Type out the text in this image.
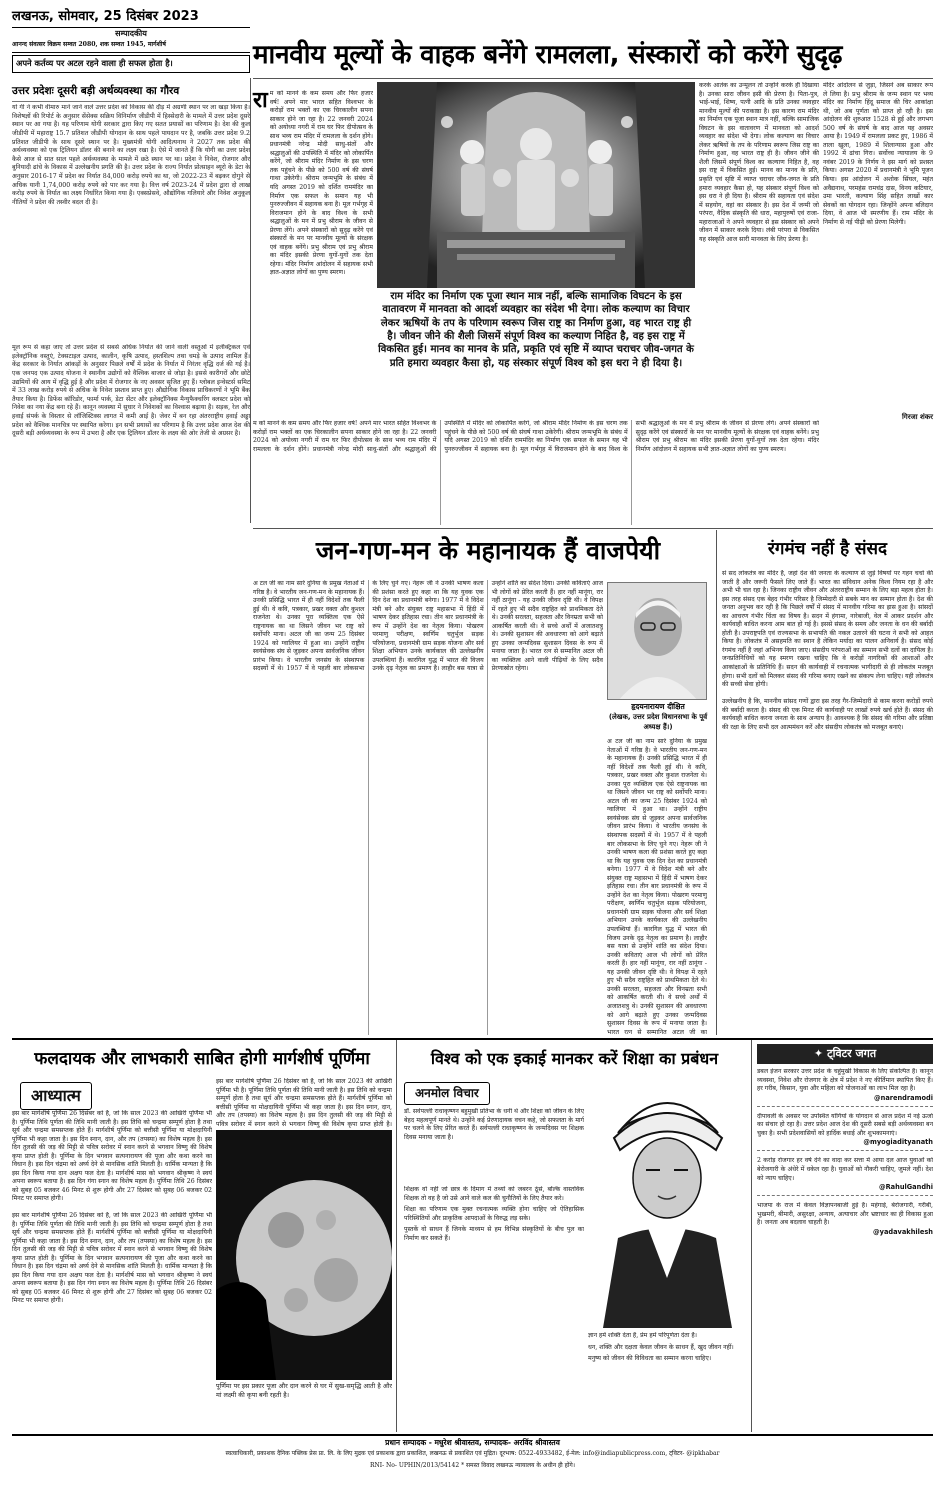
लखनऊ, सोमवार, 25 दिसंबर 2023
सम्पादकीय
आनन्द संवत्सर विक्रम सम्वत 2080, शक सम्वत 1945, मार्गशीर्ष
अपने कर्तव्य पर अटल रहने वाला ही सफल होता है।
उत्तर प्रदेशः दूसरी बड़ी अर्थव्यवस्था का गौरव
यो गी ने कभी वीमारु माने जाने वाले उत्तर प्रदेश को विकास की दौड़ में अग्रणी स्थान पर ला खड़ा किया है। विशेषज्ञों की रिपोर्ट के अनुसार सेंसेक्स सक्रिय विनिर्माण जीडीपी में हिस्सेदारी के मामले में उत्तर प्रदेश दूसरे स्थान पर आ गया है। यह परिणाम योगी सरकार द्वारा किए गए सतत प्रयासों का परिणाम है। देश की कुल जीडीपी में महाराष्ट्र 15.7 प्रतिशत जीडीपी योगदान के साथ पहले पायदान पर है, जबकि उत्तर प्रदेश 9.2 प्रतिशत जीडीपी के साथ दूसरे स्थान पर है। मुख्यमंत्री योगी आदित्यनाथ ने 2027 तक प्रदेश की अर्थव्यवस्था को एक ट्रिलियन डॉलर की बनाने का लक्ष्य रखा है। ऐसे में जानते हैं कि योगी का उत्तर प्रदेश कैसे आज से सात साल पहले अर्थव्यवस्था के मामले में छठे स्थान पर था। प्रदेश ने निवेश, रोजगार और बुनियादी ढांचे के विकास में उल्लेखनीय प्रगति की है। उत्तर प्रदेश के राज्य निर्यात प्रोत्साहन ब्यूरो के डेटा के अनुसार 2016-17 में प्रदेश का निर्यात 84,000 करोड़ रुपये का था, जो 2022-23 में बढ़कर दोगुने से अधिक यानी 1,74,000 करोड़ रुपये को पार कर गया है। वित्त वर्ष 2023-24 में प्रदेश द्वारा दो लाख करोड़ रुपये के निर्यात का लक्ष्य निर्धारित किया गया है। एक्सप्रेसवे, औद्योगिक गलियारे और निवेश अनुकूल नीतियों ने प्रदेश की तस्वीर बदल दी है।
मानवीय मूल्यों के वाहक बनेंगे रामलला, संस्कारों को करेंगे सुदृढ़
रा म को मानने के कम समय और फिर हजार वर्ष! अपने मार भारत सहित विश्वभर के करोड़ों राम भक्तों का एक चिरकालीन सपना साकार होने जा रहा है। 22 जनवरी 2024 को अयोध्या नगरी में राम घर फिर दीपोत्सव के साथ भव्य राम मंदिर में रामलला के दर्शन होंगे। प्रधानमंत्री नरेन्द्र मोदी साधु-संतों और श्रद्धालुओं की उपस्थिति में मंदिर को लोकार्पित करेंगे, जो श्रीराम मंदिर निर्माण के इस चरण तक पहुंचने के पीछे को 500 वर्ष की संघर्ष गाथा उकेरेगी। श्रीराम जन्मभूमि के संबंध में यदि अगस्त 2019 को दर्शित राममंदिर का निर्माण एक सफल के समान यह भी पुनरुज्जीवन में सहायक बना है। मूल गर्भगृह में विराजमान होने के बाद विश्व के सभी श्रद्धालुओं के मन में प्रभु श्रीराम के जीवन से प्रेरणा लेंगे। अपने संस्कारों को सुदृढ़ करेंगे एवं संस्कारों के मन पर मानवीय मूल्यों के संरक्षक एवं वाहक बनेंगे। प्रभु श्रीराम एवं प्रभु श्रीराम का मंदिर इसकी प्रेरणा युगों-युगों तक देता रहेगा। मंदिर निर्माण आंदोलन में सहायक सभी ज्ञात-अज्ञात लोगों का पुण्य स्मरण।
राम मंदिर का निर्माण एक पूजा स्थान मात्र नहीं, बल्कि सामाजिक विघटन के इस वातावरण में मानवता को आदर्श व्यवहार का संदेश भी देगा। लोक कल्याण का विचार लेकर ऋषियों के तप के परिणाम स्वरूप जिस राष्ट्र का निर्माण हुआ, वह भारत राष्ट्र ही है। जीवन जीने की शैली जिसमें संपूर्ण विश्व का कल्याण निहित है, वह इस राष्ट्र में विकसित हुई। मानव का मानव के प्रति, प्रकृति एवं सृष्टि में व्याप्त चराचर जीव-जगत के प्रति हमारा व्यवहार कैसा हो, यह संस्कार संपूर्ण विश्व को इस धरा ने ही दिया है।
करके आतंक का उन्मूलन तो उन्होंने करके ही दिखाया है। उनका सारा जीवन इसी की प्रेरणा है। पिता-पुत्र, भाई-भाई, शिष्य, पत्नी आदि के प्रति उनका व्यवहार मानवीय मूल्यों की पराकाष्ठा है। इस कारण राम मंदिर का निर्माण एक पूजा स्थान मात्र नहीं, बल्कि सामाजिक विघटन के इस वातावरण में मानवता को आदर्श व्यवहार का संदेश भी देगा। लोक कल्याण का विचार लेकर ऋषियों के तप के परिणाम स्वरूप जिस राष्ट्र का निर्माण हुआ, वह भारत राष्ट्र ही है। जीवन जीने की शैली जिसमें संपूर्ण विश्व का कल्याण निहित है, वह इस राष्ट्र में विकसित हुई। मानव का मानव के प्रति, प्रकृति एवं सृष्टि में व्याप्त चराचर जीव-जगत के प्रति हमारा व्यवहार कैसा हो, यह संस्कार संपूर्ण विश्व को इस धरा ने ही दिया है। श्रीराम की सहायता एवं संदेश में सहयोग, वहां का संस्कार है। इस देश में जन्मी जो परंपरा, वैदिक संस्कृति की धारा, महापुरुषों एवं राजा-महाराजाओं ने अपने व्यवहार से इस संस्कार को अपने जीवन में साकार करके दिया। लंबी परंपरा से विकसित यह संस्कृति आज सारी मानवता के लिए प्रेरणा है।
मंदिर आंदोलन से जुड़ा, जिसने अब साकार रूप ले लिया है। प्रभु श्रीराम के जन्म स्थान पर भव्य मंदिर का निर्माण हिंदू समाज की चिर आकांक्षा थी, जो अब पूर्णता को प्राप्त हो रही है। इस आंदोलन की शुरुआत 1528 से हुई और लगभग 500 वर्ष के संघर्ष के बाद आज यह अवसर आया है। 1949 में रामलला प्रकट हुए, 1986 में ताला खुला, 1989 में शिलान्यास हुआ और 1992 में ढांचा गिरा। सर्वोच्च न्यायालय के 9 नवंबर 2019 के निर्णय ने इस मार्ग को प्रशस्त किया। अगस्त 2020 में प्रधानमंत्री ने भूमि पूजन किया। इस आंदोलन में अशोक सिंघल, महंत अवैद्यनाथ, परमहंस रामचंद्र दास, विनय कटियार, उमा भारती, कल्याण सिंह सहित लाखों कार सेवकों का योगदान रहा। जिन्होंने अपना बलिदान दिया, वे आज भी स्मरणीय हैं। राम मंदिर के निर्माण से नई पीढ़ी को प्रेरणा मिलेगी।
गिरजा शंकर
म को मानने के कम समय और फिर हजार वर्ष! अपने मार भारत सहित विश्वभर के करोड़ों राम भक्तों का एक चिरकालीन सपना साकार होने जा रहा है। 22 जनवरी 2024 को अयोध्या नगरी में राम घर फिर दीपोत्सव के साथ भव्य राम मंदिर में रामलला के दर्शन होंगे। प्रधानमंत्री नरेन्द्र मोदी साधु-संतों और श्रद्धालुओं की उपस्थिति में मंदिर को लोकार्पित करेंगे, जो श्रीराम मंदिर निर्माण के इस चरण तक पहुंचने के पीछे को 500 वर्ष की संघर्ष गाथा उकेरेगी। श्रीराम जन्मभूमि के संबंध में यदि अगस्त 2019 को दर्शित राममंदिर का निर्माण एक सफल के समान यह भी पुनरुज्जीवन में सहायक बना है। मूल गर्भगृह में विराजमान होने के बाद विश्व के सभी श्रद्धालुओं के मन में प्रभु श्रीराम के जीवन से प्रेरणा लेंगे। अपने संस्कारों को सुदृढ़ करेंगे एवं संस्कारों के मन पर मानवीय मूल्यों के संरक्षक एवं वाहक बनेंगे। प्रभु श्रीराम एवं प्रभु श्रीराम का मंदिर इसकी प्रेरणा युगों-युगों तक देता रहेगा। मंदिर निर्माण आंदोलन में सहायक सभी ज्ञात-अज्ञात लोगों का पुण्य स्मरण।
मूल रूप से कहा जाए तो उत्तर प्रदेश से सबसे अधिक निर्यात की जाने वाली वस्तुओं में इलेक्ट्रिकल एवं इलेक्ट्रॉनिक वस्तुएं, टेक्सटाइल उत्पाद, कालीन, कृषि उत्पाद, हस्तशिल्प तथा चमड़े के उत्पाद शामिल हैं। केंद्र सरकार के निर्यात आंकड़ों के अनुसार पिछले वर्षों में प्रदेश के निर्यात में निरंतर वृद्धि दर्ज की गई है। एक जनपद एक उत्पाद योजना ने स्थानीय उद्योगों को वैश्विक बाजार से जोड़ा है। इससे कारीगरों और छोटे उद्यमियों की आय में वृद्धि हुई है और प्रदेश में रोजगार के नए अवसर सृजित हुए हैं। ग्लोबल इन्वेस्टर्स समिट में 33 लाख करोड़ रुपये से अधिक के निवेश प्रस्ताव प्राप्त हुए। औद्योगिक विकास प्राधिकरणों ने भूमि बैंक तैयार किया है। डिफेंस कॉरिडोर, फार्मा पार्क, डेटा सेंटर और इलेक्ट्रॉनिक्स मैन्युफैक्चरिंग क्लस्टर प्रदेश को निवेश का नया केंद्र बना रहे हैं। कानून व्यवस्था में सुधार ने निवेशकों का विश्वास बढ़ाया है। सड़क, रेल और हवाई संपर्क के विस्तार से लॉजिस्टिक्स लागत में कमी आई है। जेवर में बन रहा अंतरराष्ट्रीय हवाई अड्डा प्रदेश को वैश्विक मानचित्र पर स्थापित करेगा। इन सभी प्रयासों का परिणाम है कि उत्तर प्रदेश आज देश की दूसरी बड़ी अर्थव्यवस्था के रूप में उभरा है और एक ट्रिलियन डॉलर के लक्ष्य की ओर तेजी से अग्रसर है।
जन-गण-मन के महानायक हैं वाजपेयी
अ टल जी का नाम सारे दुनिया के प्रमुख नेताओं में गरिष्ठ है। वे भारतीय जन-गण-मन के महानायक हैं। उनकी प्रसिद्धि भारत में ही नहीं विदेशों तक फैली हुई थी। वे कवि, पत्रकार, प्रखर वक्ता और कुशल राजनेता थे। उनका पूरा व्यक्तित्व एक ऐसे राष्ट्रनायक का था जिसने जीवन भर राष्ट्र को सर्वोपरि माना। अटल जी का जन्म 25 दिसंबर 1924 को ग्वालियर में हुआ था। उन्होंने राष्ट्रीय स्वयंसेवक संघ से जुड़कर अपना सार्वजनिक जीवन प्रारंभ किया। वे भारतीय जनसंघ के संस्थापक सदस्यों में थे। 1957 में वे पहली बार लोकसभा के लिए चुने गए। नेहरू जी ने उनकी भाषण कला की प्रशंसा करते हुए कहा था कि यह युवक एक दिन देश का प्रधानमंत्री बनेगा। 1977 में वे विदेश मंत्री बने और संयुक्त राष्ट्र महासभा में हिंदी में भाषण देकर इतिहास रचा। तीन बार प्रधानमंत्री के रूप में उन्होंने देश का नेतृत्व किया। पोखरण परमाणु परीक्षण, स्वर्णिम चतुर्भुज सड़क परियोजना, प्रधानमंत्री ग्राम सड़क योजना और सर्व शिक्षा अभियान उनके कार्यकाल की उल्लेखनीय उपलब्धियां हैं। कारगिल युद्ध में भारत की विजय उनके दृढ़ नेतृत्व का प्रमाण है। लाहौर बस यात्रा से उन्होंने शांति का संदेश दिया। उनकी कविताएं आज भी लोगों को प्रेरित करती हैं। हार नहीं मानूंगा, रार नहीं ठानूंगा - यह उनकी जीवन दृष्टि थी। वे विपक्ष में रहते हुए भी सदैव राष्ट्रहित को प्राथमिकता देते थे। उनकी सरलता, सहजता और विनम्रता सभी को आकर्षित करती थी। वे सच्चे अर्थों में अजातशत्रु थे। उनकी सुशासन की अवधारणा को आगे बढ़ाते हुए उनका जन्मदिवस सुशासन दिवस के रूप में मनाया जाता है। भारत रत्न से सम्मानित अटल जी का व्यक्तित्व आने वाली पीढ़ियों के लिए सदैव प्रेरणास्रोत रहेगा।
हृदयनारायण दीक्षित
(लेखक, उत्तर प्रदेश विधानसभा के पूर्व अध्यक्ष हैं।)
अ टल जी का नाम सारे दुनिया के प्रमुख नेताओं में गरिष्ठ है। वे भारतीय जन-गण-मन के महानायक हैं। उनकी प्रसिद्धि भारत में ही नहीं विदेशों तक फैली हुई थी। वे कवि, पत्रकार, प्रखर वक्ता और कुशल राजनेता थे। उनका पूरा व्यक्तित्व एक ऐसे राष्ट्रनायक का था जिसने जीवन भर राष्ट्र को सर्वोपरि माना। अटल जी का जन्म 25 दिसंबर 1924 को ग्वालियर में हुआ था। उन्होंने राष्ट्रीय स्वयंसेवक संघ से जुड़कर अपना सार्वजनिक जीवन प्रारंभ किया। वे भारतीय जनसंघ के संस्थापक सदस्यों में थे। 1957 में वे पहली बार लोकसभा के लिए चुने गए। नेहरू जी ने उनकी भाषण कला की प्रशंसा करते हुए कहा था कि यह युवक एक दिन देश का प्रधानमंत्री बनेगा। 1977 में वे विदेश मंत्री बने और संयुक्त राष्ट्र महासभा में हिंदी में भाषण देकर इतिहास रचा। तीन बार प्रधानमंत्री के रूप में उन्होंने देश का नेतृत्व किया। पोखरण परमाणु परीक्षण, स्वर्णिम चतुर्भुज सड़क परियोजना, प्रधानमंत्री ग्राम सड़क योजना और सर्व शिक्षा अभियान उनके कार्यकाल की उल्लेखनीय उपलब्धियां हैं। कारगिल युद्ध में भारत की विजय उनके दृढ़ नेतृत्व का प्रमाण है। लाहौर बस यात्रा से उन्होंने शांति का संदेश दिया। उनकी कविताएं आज भी लोगों को प्रेरित करती हैं। हार नहीं मानूंगा, रार नहीं ठानूंगा - यह उनकी जीवन दृष्टि थी। वे विपक्ष में रहते हुए भी सदैव राष्ट्रहित को प्राथमिकता देते थे। उनकी सरलता, सहजता और विनम्रता सभी को आकर्षित करती थी। वे सच्चे अर्थों में अजातशत्रु थे। उनकी सुशासन की अवधारणा को आगे बढ़ाते हुए उनका जन्मदिवस सुशासन दिवस के रूप में मनाया जाता है। भारत रत्न से सम्मानित अटल जी का
रंगमंच नहीं है संसद
सं सद लोकतंत्र का मंदिर है, जहां देश की जनता के कल्याण से जुड़े विषयों पर गहन चर्चा की जाती है और जरूरी फैसले लिए जाते हैं। भारत का संविधान अनेक विश्व नियम रहा है और अभी भी चल रहा है। जिनका राष्ट्रीय जीवन और अंतरराष्ट्रीय सम्मान के लिए बड़ा महत्व होता है। इस तरह संसद एक बेहद गंभीर परिसर है जिम्मेदारी से सबके मान का सम्मान होता है। देश की जनता अनुभव कर रही है कि पिछले वर्षों में संसद में मानवीय गरिमा का ह्रास हुआ है। सांसदों का आचरण गंभीर चिंता का विषय है। सदन में हंगामा, नारेबाजी, वेल में आकर प्रदर्शन और कार्यवाही बाधित करना आम बात हो गई है। इससे संसद के समय और जनता के धन की बर्बादी होती है। उपराष्ट्रपति एवं राज्यसभा के सभापति की नकल उतारने की घटना ने सभी को आहत किया है। लोकतंत्र में असहमति का स्थान है लेकिन मर्यादा का पालन अनिवार्य है। संसद कोई रंगमंच नहीं है जहां अभिनय किया जाए। संसदीय परंपराओं का सम्मान सभी दलों का दायित्व है। जनप्रतिनिधियों को यह स्मरण रखना चाहिए कि वे करोड़ों नागरिकों की आशाओं और आकांक्षाओं के प्रतिनिधि हैं। सदन की कार्यवाही में रचनात्मक भागीदारी से ही लोकतंत्र मजबूत होगा। सभी दलों को मिलकर संसद की गरिमा बनाए रखने का संकल्प लेना चाहिए। यही लोकतंत्र की सच्ची सेवा होगी।

उल्लेखनीय है कि, माननीय सांसद गणों द्वारा इस तरह गैर-जिम्मेदारी से काम करना करोड़ों रुपये की बर्बादी करता है। संसद की एक मिनट की कार्यवाही पर लाखों रुपये खर्च होते हैं। संसद की कार्यवाही बाधित करना जनता के साथ अन्याय है। आवश्यक है कि संसद की गरिमा और प्रतिष्ठा की रक्षा के लिए सभी दल आत्ममंथन करें और संसदीय लोकतंत्र को मजबूत बनाएं।
फलदायक और लाभकारी साबित होगी मार्गशीर्ष पूर्णिमा
आध्यात्म
इस बार मार्गशीर्ष पूर्णिमा 26 दिसंबर को है, जो कि साल 2023 की आखिरी पूर्णिमा भी है। पूर्णिमा तिथि पूर्णता की तिथि मानी जाती है। इस तिथि को चन्द्रमा सम्पूर्ण होता है तथा सूर्य और चन्द्रमा समसप्तक होते हैं। मार्गशीर्ष पूर्णिमा को बत्तीसी पूर्णिमा या मोक्षदायिनी पूर्णिमा भी कहा जाता है। इस दिन स्नान, दान, और तप (तपस्या) का विशेष महत्व है। इस दिन तुलसी की जड़ की मिट्टी से पवित्र सरोवर में स्नान करने से भगवान विष्णु की विशेष कृपा प्राप्त होती है। पूर्णिमा के दिन भगवान सत्यनारायण की पूजा और कथा करने का विधान है। इस दिन चंद्रमा को अर्घ्य देने से मानसिक शांति मिलती है। धार्मिक मान्यता है कि इस दिन किया गया दान अक्षय फल देता है। मार्गशीर्ष मास को भगवान श्रीकृष्ण ने स्वयं अपना स्वरूप बताया है। इस दिन गंगा स्नान का विशेष महत्व है। पूर्णिमा तिथि 26 दिसंबर को सुबह 05 बजकर 46 मिनट से शुरू होगी और 27 दिसंबर को सुबह 06 बजकर 02 मिनट पर समाप्त होगी।
इस बार मार्गशीर्ष पूर्णिमा 26 दिसंबर को है, जो कि साल 2023 की आखिरी पूर्णिमा भी है। पूर्णिमा तिथि पूर्णता की तिथि मानी जाती है। इस तिथि को चन्द्रमा सम्पूर्ण होता है तथा सूर्य और चन्द्रमा समसप्तक होते हैं। मार्गशीर्ष पूर्णिमा को बत्तीसी पूर्णिमा या मोक्षदायिनी पूर्णिमा भी कहा जाता है। इस दिन स्नान, दान, और तप (तपस्या) का विशेष महत्व है। इस दिन तुलसी की जड़ की मिट्टी से पवित्र सरोवर में स्नान करने से भगवान विष्णु की विशेष कृपा प्राप्त होती है।
इस बार मार्गशीर्ष पूर्णिमा 26 दिसंबर को है, जो कि साल 2023 की आखिरी पूर्णिमा भी है। पूर्णिमा तिथि पूर्णता की तिथि मानी जाती है। इस तिथि को चन्द्रमा सम्पूर्ण होता है तथा सूर्य और चन्द्रमा समसप्तक होते हैं। मार्गशीर्ष पूर्णिमा को बत्तीसी पूर्णिमा या मोक्षदायिनी पूर्णिमा भी कहा जाता है। इस दिन स्नान, दान, और तप (तपस्या) का विशेष महत्व है। इस दिन तुलसी की जड़ की मिट्टी से पवित्र सरोवर में स्नान करने से भगवान विष्णु की विशेष कृपा प्राप्त होती है। पूर्णिमा के दिन भगवान सत्यनारायण की पूजा और कथा करने का विधान है। इस दिन चंद्रमा को अर्घ्य देने से मानसिक शांति मिलती है। धार्मिक मान्यता है कि इस दिन किया गया दान अक्षय फल देता है। मार्गशीर्ष मास को भगवान श्रीकृष्ण ने स्वयं अपना स्वरूप बताया है। इस दिन गंगा स्नान का विशेष महत्व है। पूर्णिमा तिथि 26 दिसंबर को सुबह 05 बजकर 46 मिनट से शुरू होगी और 27 दिसंबर को सुबह 06 बजकर 02 मिनट पर समाप्त होगी।
पूर्णिमा पर इस प्रकार पूजा और दान करने से घर में सुख-समृद्धि आती है और मां लक्ष्मी की कृपा बनी रहती है।
विश्व को एक इकाई मानकर करें शिक्षा का प्रबंधन
अनमोल विचार
डॉ. सर्वपल्ली राधाकृष्णन बहुमुखी प्रतिभा के धनी थे और शिक्षा को जीवन के लिए बेहद महत्वपूर्ण मानते थे। उन्होंने कई प्रेरणादायक वचन कहे, जो सफलता के मार्ग पर चलने के लिए प्रेरित करते हैं। सर्वपल्ली राधाकृष्णन के जन्मदिवस पर शिक्षक दिवस मनाया जाता है।
शिक्षक वो नहीं जो छात्र के दिमाग में तथ्यों को जबरन ठूंसे, बल्कि वास्तविक शिक्षक तो वह है जो उसे आने वाले कल की चुनौतियों के लिए तैयार करे।
शिक्षा का परिणाम एक मुक्त रचनात्मक व्यक्ति होना चाहिए जो ऐतिहासिक परिस्थितियों और प्राकृतिक आपदाओं के विरुद्ध लड़ सके।
पुस्तकें वो साधन हैं जिनके माध्यम से हम विभिन्न संस्कृतियों के बीच पुल का निर्माण कर सकते हैं।
ज्ञान हमें शक्ति देता है, प्रेम हमें परिपूर्णता देता है।
धन, शक्ति और दक्षता केवल जीवन के साधन हैं, खुद जीवन नहीं।
मनुष्य को जीवन की विविधता का सम्मान करना चाहिए।
✦ ट्विटर जगत
डबल इंजन सरकार उत्तर प्रदेश के चहुंमुखी विकास के लिए संकल्पित है। कानून व्यवस्था, निवेश और रोजगार के क्षेत्र में प्रदेश ने नए कीर्तिमान स्थापित किए हैं। हर गरीब, किसान, युवा और महिला को योजनाओं का लाभ मिल रहा है।
@narendramodi
दीपावली के अवसर पर उपस्थित योगियों के योगदान से आज प्रदेश में नई ऊर्जा का संचार हो रहा है। उत्तर प्रदेश आज देश की दूसरी सबसे बड़ी अर्थव्यवस्था बन चुका है। सभी प्रदेशवासियों को हार्दिक बधाई और शुभकामनाएं।
@myogiadityanath
2 करोड़ रोजगार हर वर्ष देने का वादा कर सत्ता में आया दल आज युवाओं को बेरोजगारी के अंधेरे में धकेल रहा है। युवाओं को नौकरी चाहिए, जुमले नहीं। देश को न्याय चाहिए।
@RahulGandhi
भाजपा के राज में केवल विज्ञापनबाजी हुई है। महंगाई, बेरोजगारी, गरीबी, भुखमरी, बीमारी, असुरक्षा, अन्याय, अत्याचार और भ्रष्टाचार का ही विकास हुआ है। जनता अब बदलाव चाहती है।
@yadavakhilesh
प्रधान सम्पादक - मधुरेश श्रीवास्तव, सम्पादक- अरविंद श्रीवास्तव
स्वत्वाधिकारी, प्रकाशक दैनिक पब्लिक प्रेस प्रा. लि. के लिए मुद्रक एवं प्रकाशक द्वारा प्रकाशित, लखनऊ से प्रकाशित एवं मुद्रित। दूरभाष: 0522-4933482, ई-मेल: info@indiapublicpress.com, ट्विटर- @ipkhabar
RNI- No- UPHIN/2013/54142 * समस्त विवाद लखनऊ न्यायालय के अधीन ही होंगे।
